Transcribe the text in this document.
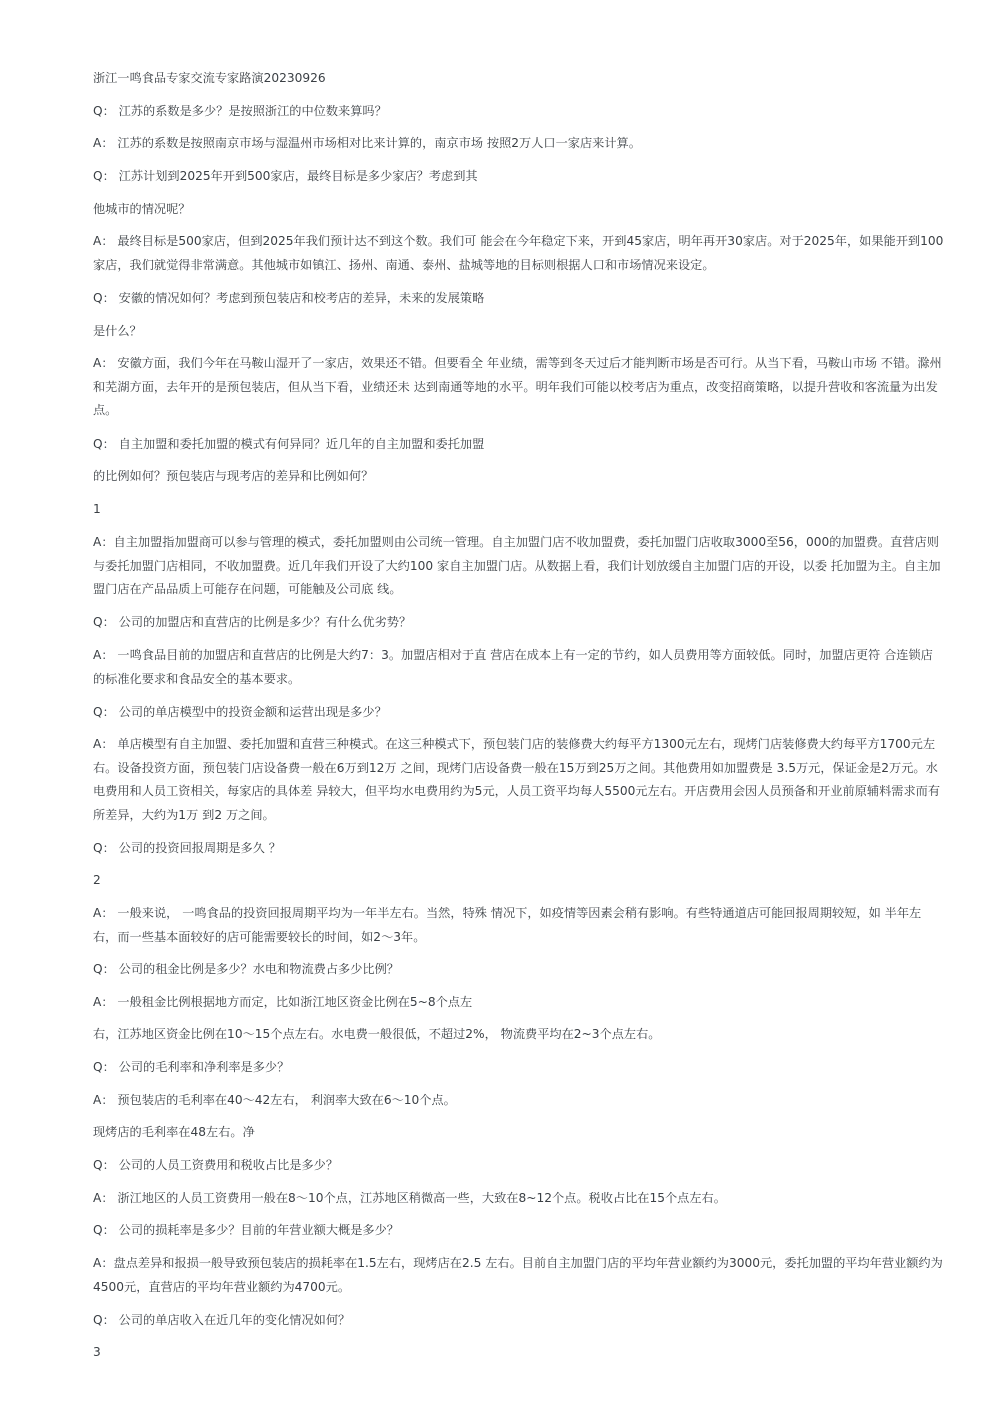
浙江一鸣食品专家交流专家路演20230926

Q： 江苏的系数是多少？是按照浙江的中位数来算吗？

A： 江苏的系数是按照南京市场与湿温州市场相对比来计算的，南京市场 按照2万人口一家店来计算。

Q： 江苏计划到2025年开到500家店，最终目标是多少家店？考虑到其

他城市的情况呢？

A： 最终目标是500家店，但到2025年我们预计达不到这个数。我们可 能会在今年稳定下来，开到45家店，明年再开30家店。对于2025年，如果能开到100家店，我们就觉得非常满意。其他城市如镇江、扬州、南通、泰州、盐城等地的目标则根据人口和市场情况来设定。

Q： 安徽的情况如何？考虑到预包装店和校考店的差异，未来的发展策略

是什么？

A： 安徽方面，我们今年在马鞍山湿开了一家店，效果还不错。但要看全 年业绩，需等到冬天过后才能判断市场是否可行。从当下看，马鞍山市场 不错。滁州和芜湖方面，去年开的是预包装店，但从当下看，业绩还未 达到南通等地的水平。明年我们可能以校考店为重点，改变招商策略，以提升营收和客流量为出发点。

Q： 自主加盟和委托加盟的模式有何异同？近几年的自主加盟和委托加盟

的比例如何？预包装店与现考店的差异和比例如何？

1

A：自主加盟指加盟商可以参与管理的模式，委托加盟则由公司统一管理。自主加盟门店不收加盟费，委托加盟门店收取3000至56，000的加盟费。直营店则与委托加盟门店相同，不收加盟费。近几年我们开设了大约100 家自主加盟门店。从数据上看，我们计划放缓自主加盟门店的开设，以委 托加盟为主。自主加盟门店在产品品质上可能存在问题，可能触及公司底 线。

Q： 公司的加盟店和直营店的比例是多少？有什么优劣势？

A： 一鸣食品目前的加盟店和直营店的比例是大约7：3。加盟店相对于直 营店在成本上有一定的节约，如人员费用等方面较低。同时，加盟店更符 合连锁店的标准化要求和食品安全的基本要求。

Q： 公司的单店模型中的投资金额和运营出现是多少？

A： 单店模型有自主加盟、委托加盟和直营三种模式。在这三种模式下，预包装门店的装修费大约每平方1300元左右，现烤门店装修费大约每平方1700元左右。设备投资方面，预包装门店设备费一般在6万到12万 之间，现烤门店设备费一般在15万到25万之间。其他费用如加盟费是 3.5万元，保证金是2万元。水电费用和人员工资相关，每家店的具体差 异较大，但平均水电费用约为5元，人员工资平均每人5500元左右。开店费用会因人员预备和开业前原辅料需求而有所差异，大约为1万 到2 万之间。

Q： 公司的投资回报周期是多久 ？

2

A： 一般来说， 一鸣食品的投资回报周期平均为一年半左右。当然，特殊 情况下，如疫情等因素会稍有影响。有些特通道店可能回报周期较短，如 半年左右，而一些基本面较好的店可能需要较长的时间，如2～3年。

Q： 公司的租金比例是多少？水电和物流费占多少比例？

A： 一般租金比例根据地方而定，比如浙江地区资金比例在5~8个点左

右，江苏地区资金比例在10～15个点左右。水电费一般很低，不超过2%， 物流费平均在2~3个点左右。

Q： 公司的毛利率和净利率是多少？

A： 预包装店的毛利率在40～42左右， 利润率大致在6～10个点。

现烤店的毛利率在48左右。净

Q： 公司的人员工资费用和税收占比是多少？

A： 浙江地区的人员工资费用一般在8～10个点，江苏地区稍微高一些，大致在8~12个点。税收占比在15个点左右。

Q： 公司的损耗率是多少？目前的年营业额大概是多少？

A：盘点差异和报损一般导致预包装店的损耗率在1.5左右，现烤店在2.5 左右。目前自主加盟门店的平均年营业额约为3000元，委托加盟的平均年营业额约为4500元，直营店的平均年营业额约为4700元。

Q： 公司的单店收入在近几年的变化情况如何？

3
